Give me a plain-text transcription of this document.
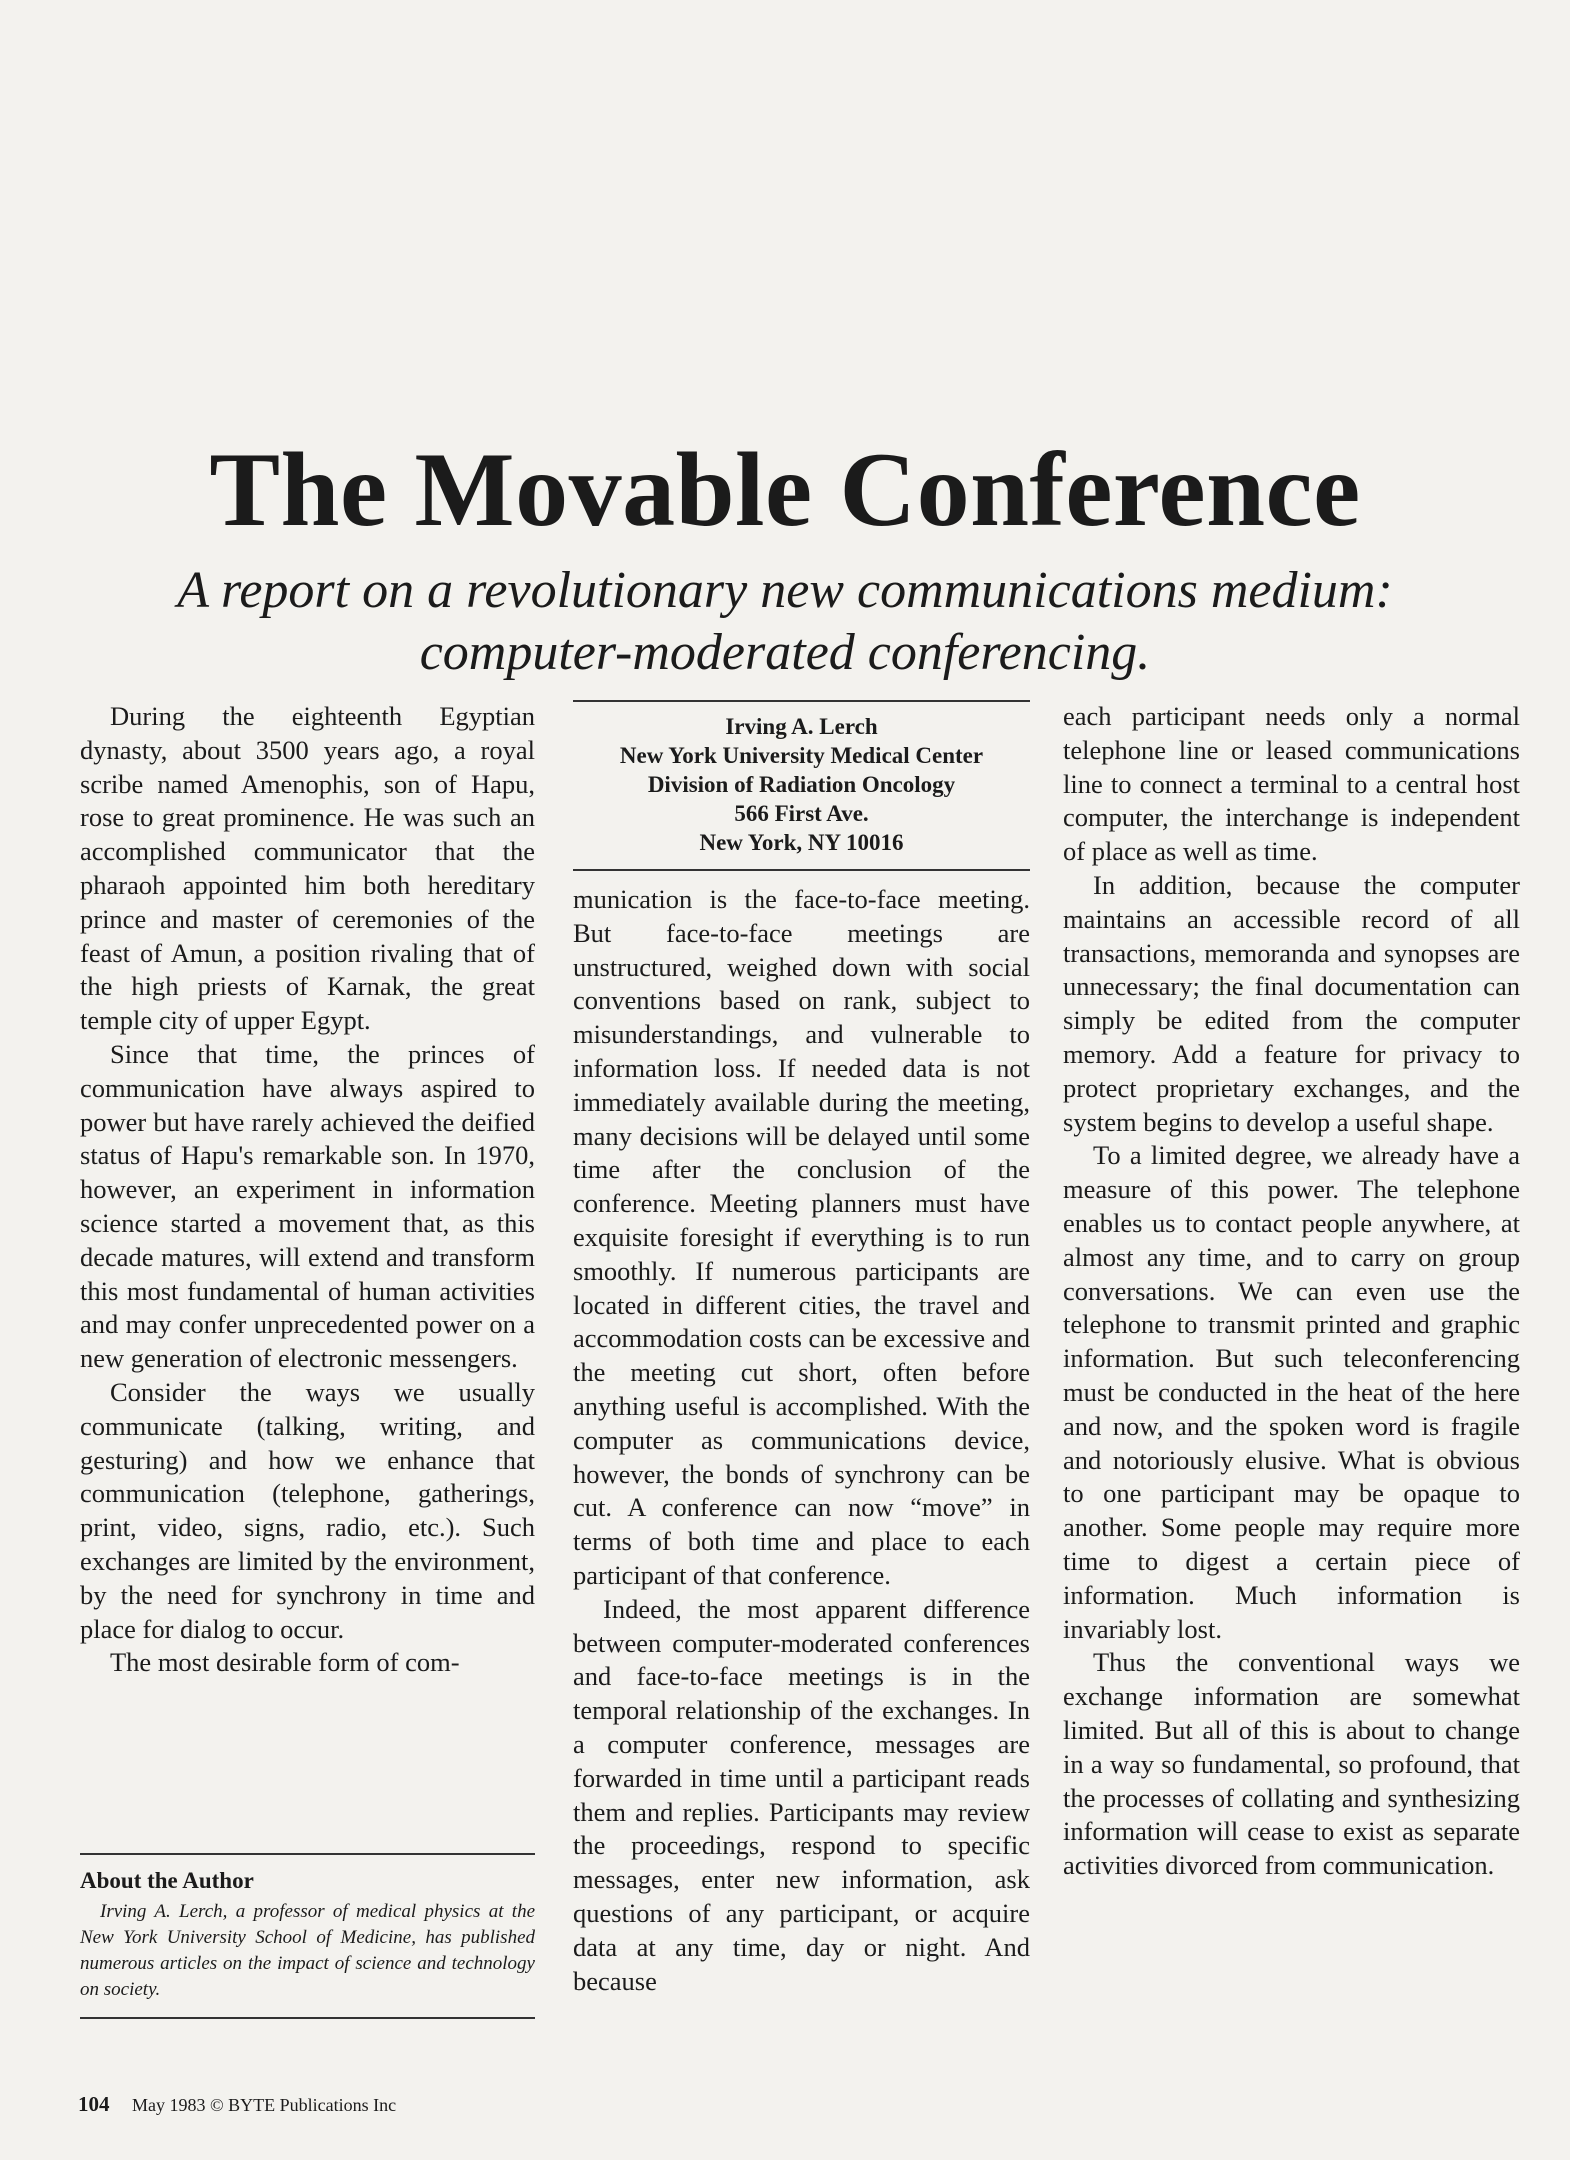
The Movable Conference
A report on a revolutionary new communications medium:
computer-moderated conferencing.

During the eighteenth Egyptian dynasty, about 3500 years ago, a royal scribe named Amenophis, son of Hapu, rose to great prominence. He was such an accomplished communicator that the pharaoh appointed him both hereditary prince and master of ceremonies of the feast of Amun, a position rivaling that of the high priests of Karnak, the great temple city of upper Egypt.

Since that time, the princes of communication have always aspired to power but have rarely achieved the deified status of Hapu's remarkable son. In 1970, however, an experiment in information science started a movement that, as this decade matures, will extend and transform this most fundamental of human activities and may confer unprecedented power on a new generation of electronic messengers.

Consider the ways we usually communicate (talking, writing, and gesturing) and how we enhance that communication (telephone, gatherings, print, video, signs, radio, etc.). Such exchanges are limited by the environment, by the need for synchrony in time and place for dialog to occur.

The most desirable form of com-

Irving A. Lerch
New York University Medical Center
Division of Radiation Oncology
566 First Ave.
New York, NY 10016

munication is the face-to-face meeting. But face-to-face meetings are unstructured, weighed down with social conventions based on rank, subject to misunderstandings, and vulnerable to information loss. If needed data is not immediately available during the meeting, many decisions will be delayed until some time after the conclusion of the conference. Meeting planners must have exquisite foresight if everything is to run smoothly. If numerous participants are located in different cities, the travel and accommodation costs can be excessive and the meeting cut short, often before anything useful is accomplished. With the computer as communications device, however, the bonds of synchrony can be cut. A conference can now “move” in terms of both time and place to each participant of that conference.

Indeed, the most apparent difference between computer-moderated conferences and face-to-face meetings is in the temporal relationship of the exchanges. In a computer conference, messages are forwarded in time until a participant reads them and replies. Participants may review the proceedings, respond to specific messages, enter new information, ask questions of any participant, or acquire data at any time, day or night. And because

each participant needs only a normal telephone line or leased communications line to connect a terminal to a central host computer, the interchange is independent of place as well as time.

In addition, because the computer maintains an accessible record of all transactions, memoranda and synopses are unnecessary; the final documentation can simply be edited from the computer memory. Add a feature for privacy to protect proprietary exchanges, and the system begins to develop a useful shape.

To a limited degree, we already have a measure of this power. The telephone enables us to contact people anywhere, at almost any time, and to carry on group conversations. We can even use the telephone to transmit printed and graphic information. But such teleconferencing must be conducted in the heat of the here and now, and the spoken word is fragile and notoriously elusive. What is obvious to one participant may be opaque to another. Some people may require more time to digest a certain piece of information. Much information is invariably lost.

Thus the conventional ways we exchange information are somewhat limited. But all of this is about to change in a way so fundamental, so profound, that the processes of collating and synthesizing information will cease to exist as separate activities divorced from communication.

About the Author

Irving A. Lerch, a professor of medical physics at the New York University School of Medicine, has published numerous articles on the impact of science and technology on society.

104 May 1983 © BYTE Publications Inc
